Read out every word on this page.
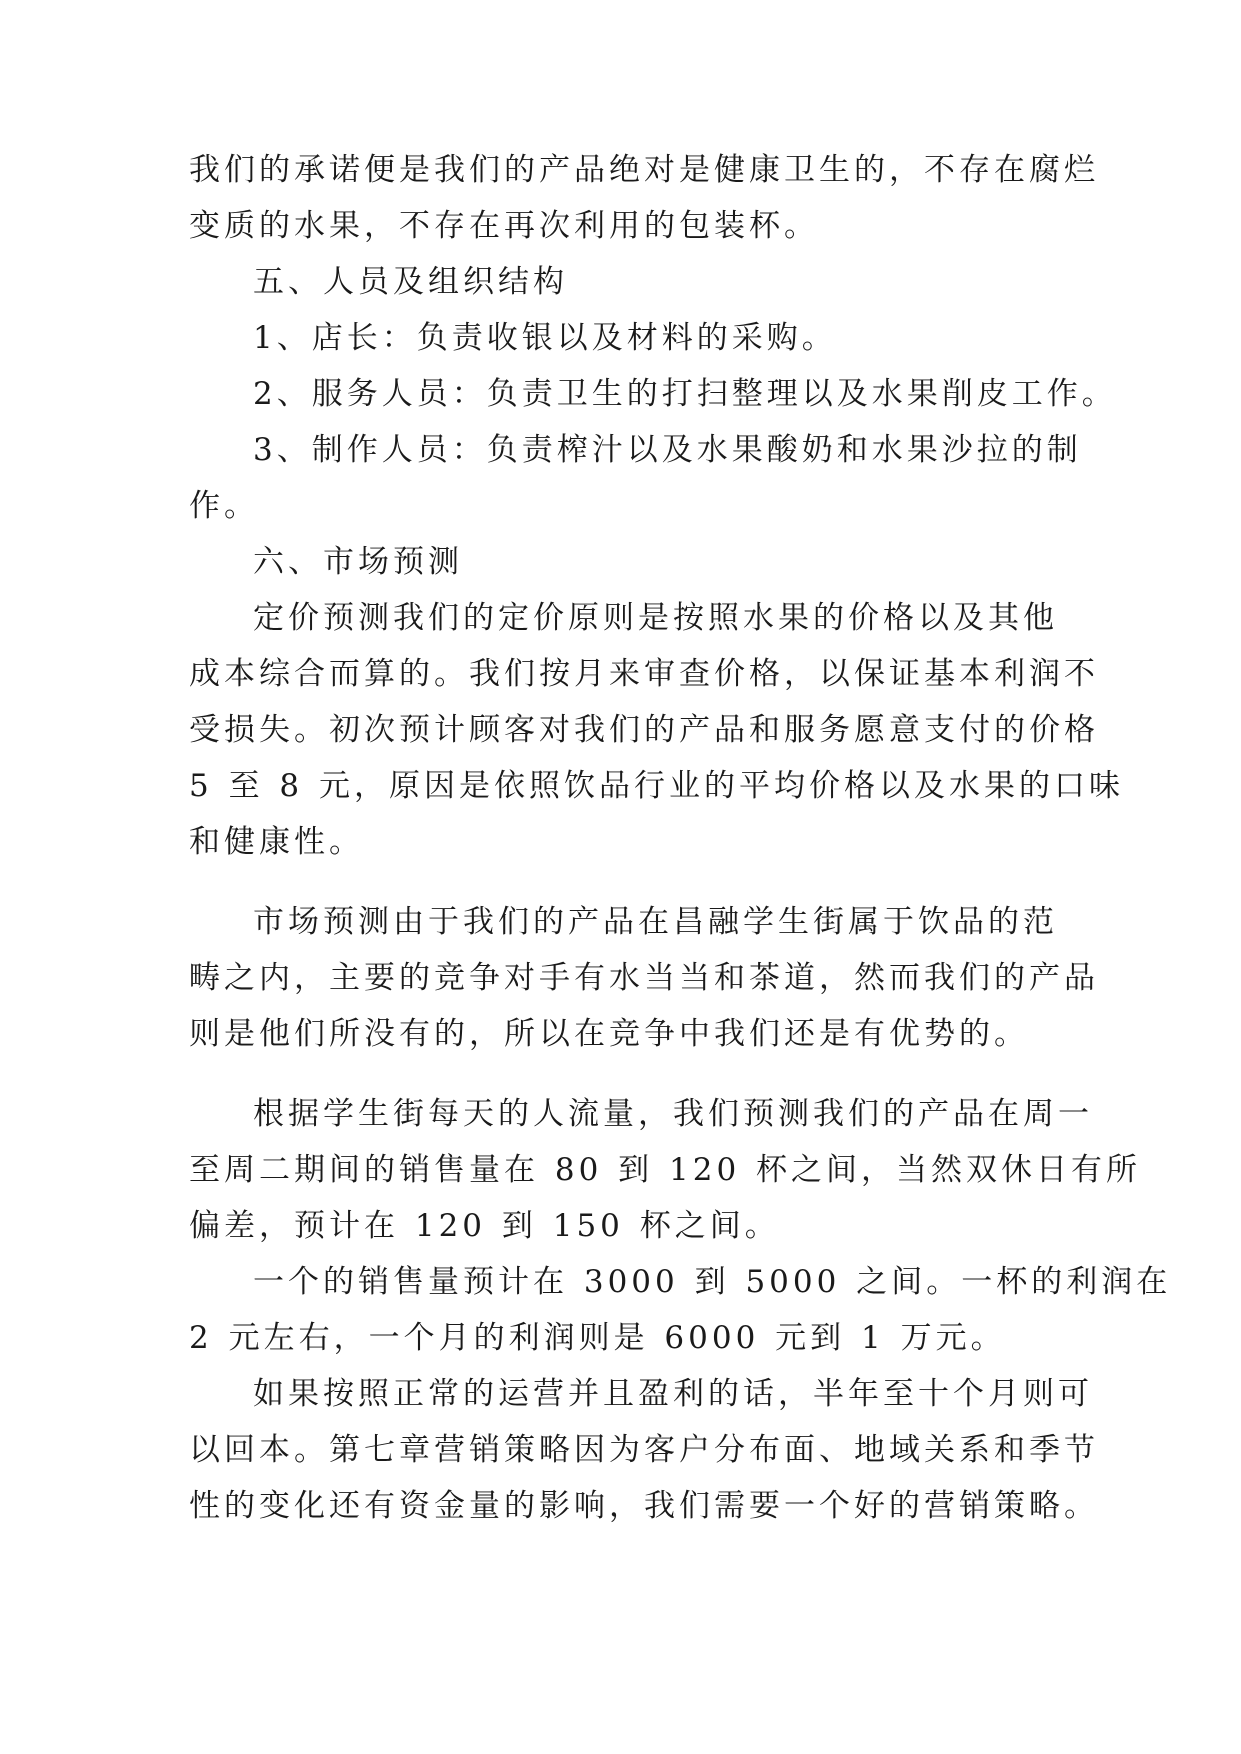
我们的承诺便是我们的产品绝对是健康卫生的，不存在腐烂
变质的水果，不存在再次利用的包装杯。
五、人员及组织结构
1、店长：负责收银以及材料的采购。
2、服务人员：负责卫生的打扫整理以及水果削皮工作。
3、制作人员：负责榨汁以及水果酸奶和水果沙拉的制
作。
六、市场预测
定价预测我们的定价原则是按照水果的价格以及其他
成本综合而算的。我们按月来审查价格，以保证基本利润不
受损失。初次预计顾客对我们的产品和服务愿意支付的价格
5 至 8 元，原因是依照饮品行业的平均价格以及水果的口味
和健康性。
市场预测由于我们的产品在昌融学生街属于饮品的范
畴之内，主要的竞争对手有水当当和茶道，然而我们的产品
则是他们所没有的，所以在竞争中我们还是有优势的。
根据学生街每天的人流量，我们预测我们的产品在周一
至周二期间的销售量在 80 到 120 杯之间，当然双休日有所
偏差，预计在 120 到 150 杯之间。
一个的销售量预计在 3000 到 5000 之间。一杯的利润在
2 元左右，一个月的利润则是 6000 元到 1 万元。
如果按照正常的运营并且盈利的话，半年至十个月则可
以回本。第七章营销策略因为客户分布面、地域关系和季节
性的变化还有资金量的影响，我们需要一个好的营销策略。
